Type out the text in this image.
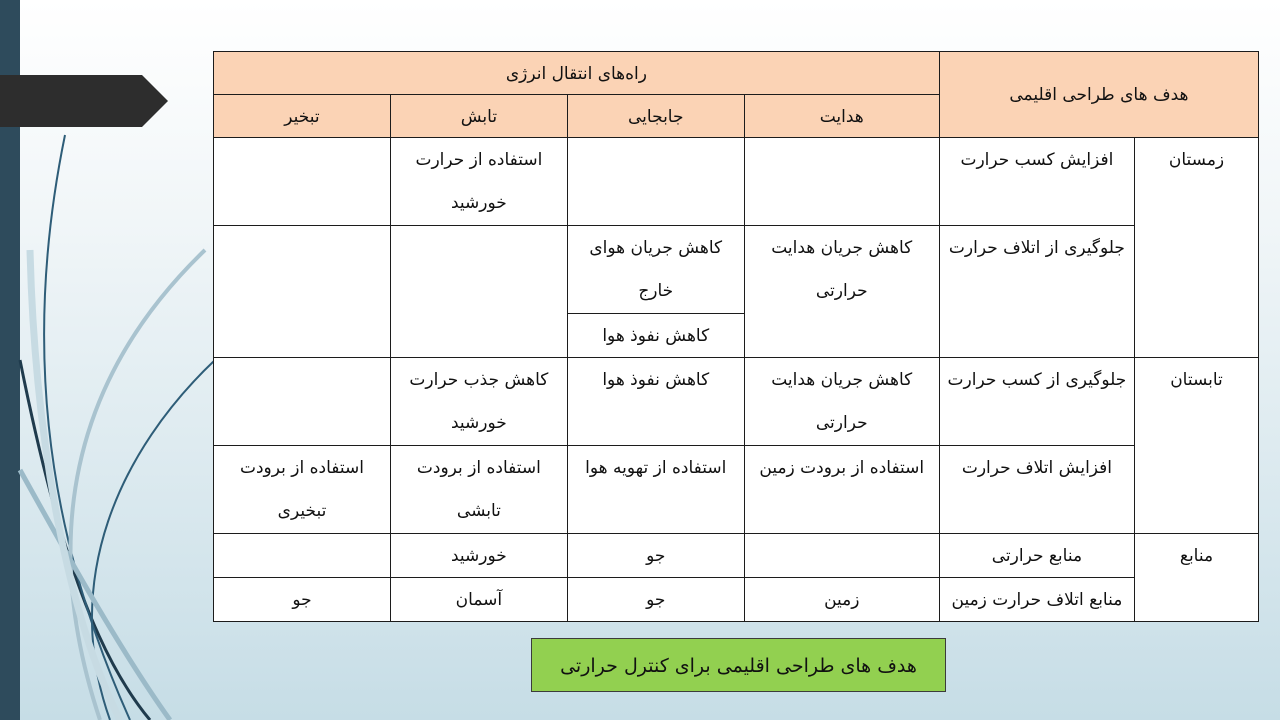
هدف های طراحی اقلیمی		راه‌های انتقال انرژی			
		هدایت	جابجایی	تابش	تبخیر
زمستان	افزایش کسب حرارت			استفاده از حرارت خورشید	
	جلوگیری از اتلاف حرارت	کاهش جریان هدایت حرارتی	کاهش جریان هوای خارج		
			کاهش نفوذ هوا		

تابستان	جلوگیری از کسب حرارت	کاهش جریان هدایت حرارتی	کاهش نفوذ هوا	کاهش جذب حرارت خورشید	
	افزایش اتلاف حرارت	استفاده از برودت زمین	استفاده از تهویه هوا	استفاده از برودت تابشی	استفاده از برودت تبخیری
منابع	منابع حرارتی		جو	خورشید	
	منابع اتلاف حرارت زمین	زمین	جو	آسمان	جو
هدف های طراحی اقلیمی برای کنترل حرارتی
